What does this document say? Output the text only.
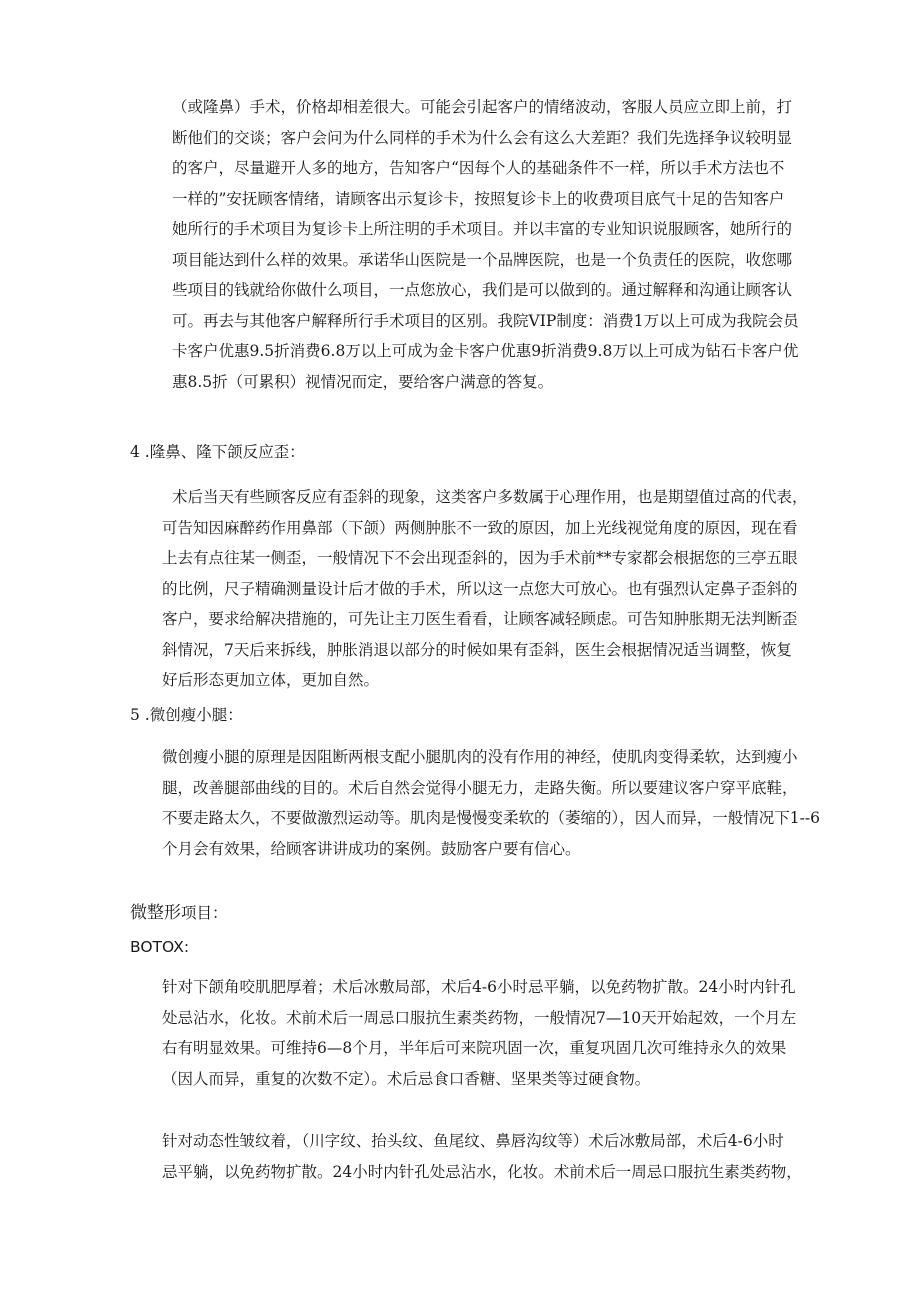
（或隆鼻）手术，价格却相差很大。可能会引起客户的情绪波动，客服人员应立即上前，打
断他们的交谈；客户会问为什么同样的手术为什么会有这么大差距？我们先选择争议较明显
的客户，尽量避开人多的地方，告知客户“因每个人的基础条件不一样，所以手术方法也不
一样的”安抚顾客情绪，请顾客出示复诊卡，按照复诊卡上的收费项目底气十足的告知客户
她所行的手术项目为复诊卡上所注明的手术项目。并以丰富的专业知识说服顾客，她所行的
项目能达到什么样的效果。承诺华山医院是一个品牌医院，也是一个负责任的医院，收您哪
些项目的钱就给你做什么项目，一点您放心，我们是可以做到的。通过解释和沟通让顾客认
可。再去与其他客户解释所行手术项目的区别。我院VIP制度：消费1万以上可成为我院会员
卡客户优惠9.5折消费6.8万以上可成为金卡客户优惠9折消费9.8万以上可成为钻石卡客户优
惠8.5折（可累积）视情况而定，要给客户满意的答复。

4 .隆鼻、隆下颌反应歪：

术后当天有些顾客反应有歪斜的现象，这类客户多数属于心理作用，也是期望值过高的代表，
可告知因麻醉药作用鼻部（下颌）两侧肿胀不一致的原因，加上光线视觉角度的原因，现在看
上去有点往某一侧歪，一般情况下不会出现歪斜的，因为手术前**专家都会根据您的三亭五眼
的比例，尺子精确测量设计后才做的手术，所以这一点您大可放心。也有强烈认定鼻子歪斜的
客户，要求给解决措施的，可先让主刀医生看看，让顾客减轻顾虑。可告知肿胀期无法判断歪
斜情况，7天后来拆线，肿胀消退以部分的时候如果有歪斜，医生会根据情况适当调整，恢复
好后形态更加立体，更加自然。

5 .微创瘦小腿：

微创瘦小腿的原理是因阻断两根支配小腿肌肉的没有作用的神经，使肌肉变得柔软，达到瘦小
腿，改善腿部曲线的目的。术后自然会觉得小腿无力，走路失衡。所以要建议客户穿平底鞋，
不要走路太久，不要做激烈运动等。肌肉是慢慢变柔软的（萎缩的），因人而异，一般情况下1--6
个月会有效果，给顾客讲讲成功的案例。鼓励客户要有信心。

微整形项目：

BOTOX:

针对下颌角咬肌肥厚着；术后冰敷局部，术后4-6小时忌平躺，以免药物扩散。24小时内针孔
处忌沾水，化妆。术前术后一周忌口服抗生素类药物，一般情况7—10天开始起效，一个月左
右有明显效果。可维持6—8个月，半年后可来院巩固一次，重复巩固几次可维持永久的效果
（因人而异，重复的次数不定）。术后忌食口香糖、坚果类等过硬食物。
针对动态性皱纹着，（川字纹、抬头纹、鱼尾纹、鼻唇沟纹等）术后冰敷局部，术后4-6小时
忌平躺，以免药物扩散。24小时内针孔处忌沾水，化妆。术前术后一周忌口服抗生素类药物，
